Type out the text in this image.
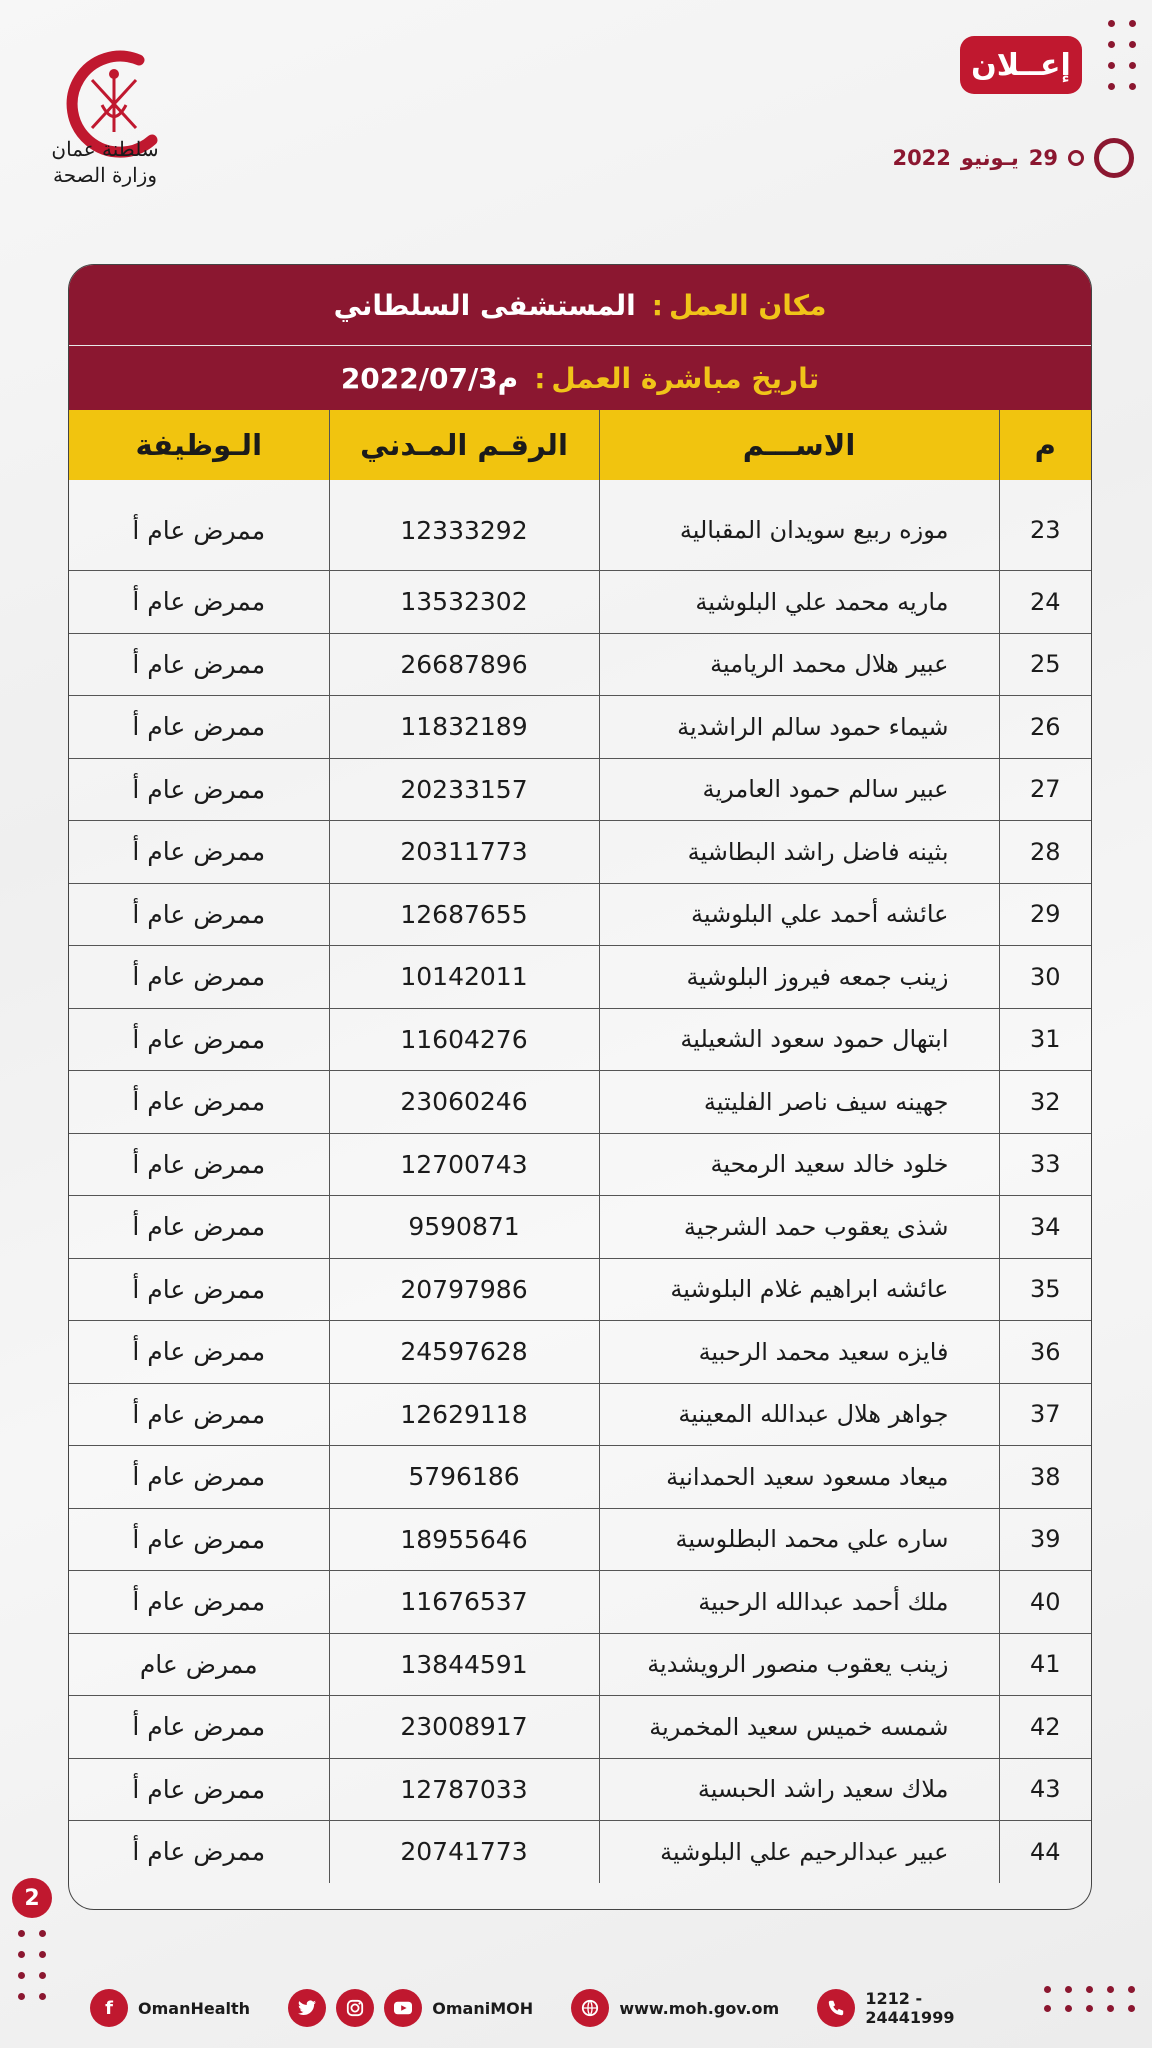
سلطنة عمان
وزارة الصحة
إعــلان
2022 يـونيو 29
مكان العمل
:
المستشفى السلطاني
تاريخ مباشرة العمل
:
2022/07/3م
م	الاســـم	الرقـم المـدني	الـوظيفة
23	موزه ربيع سويدان المقبالية	12333292	ممرض عام أ
24	ماريه محمد علي البلوشية	13532302	ممرض عام أ
25	عبير هلال محمد الريامية	26687896	ممرض عام أ
26	شيماء حمود سالم الراشدية	11832189	ممرض عام أ
27	عبير سالم حمود العامرية	20233157	ممرض عام أ
28	بثينه فاضل راشد البطاشية	20311773	ممرض عام أ
29	عائشه أحمد علي البلوشية	12687655	ممرض عام أ
30	زينب جمعه فيروز البلوشية	10142011	ممرض عام أ
31	ابتهال حمود سعود الشعيلية	11604276	ممرض عام أ
32	جهينه سيف ناصر الفليتية	23060246	ممرض عام أ
33	خلود خالد سعيد الرمحية	12700743	ممرض عام أ
34	شذى يعقوب حمد الشرجية	9590871	ممرض عام أ
35	عائشه ابراهيم غلام البلوشية	20797986	ممرض عام أ
36	فايزه سعيد محمد الرحبية	24597628	ممرض عام أ
37	جواهر هلال عبدالله المعينية	12629118	ممرض عام أ
38	ميعاد مسعود سعيد الحمدانية	5796186	ممرض عام أ
39	ساره علي محمد البطلوسية	18955646	ممرض عام أ
40	ملك أحمد عبدالله الرحبية	11676537	ممرض عام أ
41	زينب يعقوب منصور الرويشدية	13844591	ممرض عام
42	شمسه خميس سعيد المخمرية	23008917	ممرض عام أ
43	ملاك سعيد راشد الحبسية	12787033	ممرض عام أ
44	عبير عبدالرحيم علي البلوشية	20741773	ممرض عام أ
2
f	OmanHealth	OmaniMOH	www.moh.gov.om	1212 - 24441999
